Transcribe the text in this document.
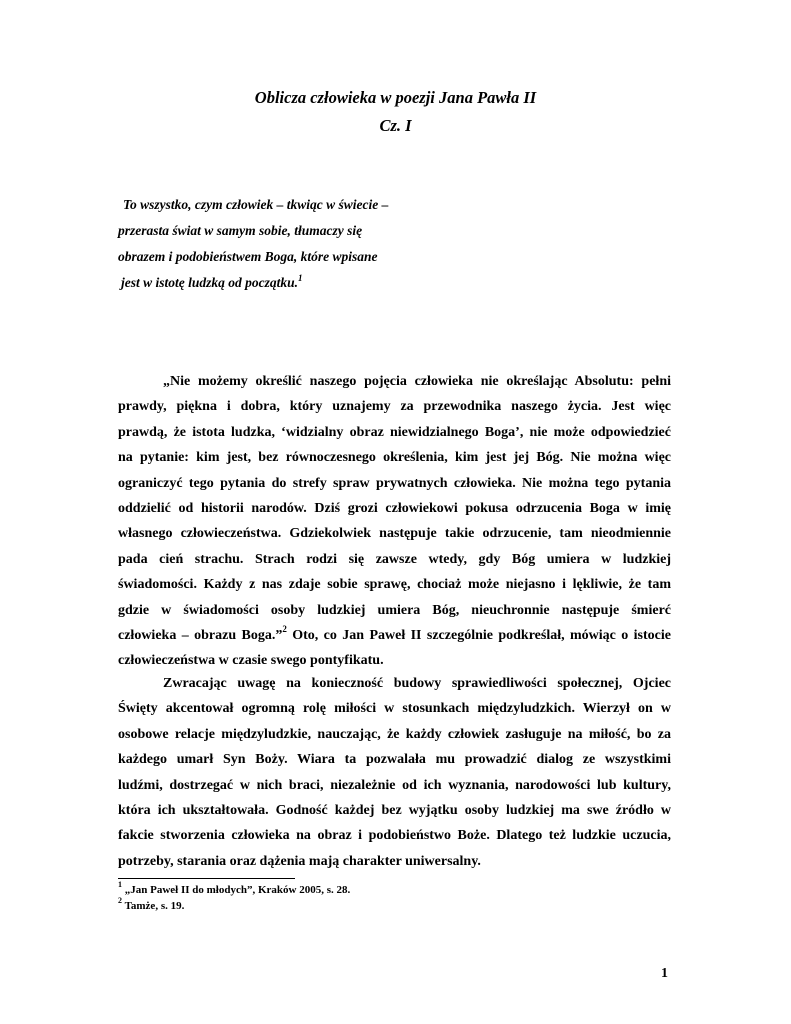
Oblicza człowieka w poezji Jana Pawła II
Cz. I
To wszystko, czym człowiek – tkwiąc w świecie –
przerasta świat w samym sobie, tłumaczy się
obrazem i podobieństwem Boga, które wpisane
jest w istotę ludzką od początku.$^1$
„Nie możemy określić naszego pojęcia człowieka nie określając Absolutu: pełni
prawdy, piękna i dobra, który uznajemy za przewodnika naszego życia. Jest więc
prawdą, że istota ludzka, ‘widzialny obraz niewidzialnego Boga’, nie może odpowiedzieć
na pytanie: kim jest, bez równoczesnego określenia, kim jest jej Bóg. Nie można więc
ograniczyć tego pytania do strefy spraw prywatnych człowieka. Nie można tego pytania
oddzielić od historii narodów. Dziś grozi człowiekowi pokusa odrzucenia Boga w imię
własnego człowieczeństwa. Gdziekolwiek następuje takie odrzucenie, tam nieodmiennie
pada cień strachu. Strach rodzi się zawsze wtedy, gdy Bóg umiera w ludzkiej
świadomości. Każdy z nas zdaje sobie sprawę, chociaż może niejasno i lękliwie, że tam
gdzie w świadomości osoby ludzkiej umiera Bóg, nieuchronnie następuje śmierć
człowieka – obrazu Boga.”$^2$ Oto, co Jan Paweł II szczególnie podkreślał, mówiąc o istocie
człowieczeństwa w czasie swego pontyfikatu.
Zwracając uwagę na konieczność budowy sprawiedliwości społecznej, Ojciec
Święty akcentował ogromną rolę miłości w stosunkach międzyludzkich. Wierzył on w
osobowe relacje międzyludzkie, nauczając, że każdy człowiek zasługuje na miłość, bo za
każdego umarł Syn Boży. Wiara ta pozwalała mu prowadzić dialog ze wszystkimi
ludźmi, dostrzegać w nich braci, niezależnie od ich wyznania, narodowości lub kultury,
która ich ukształtowała. Godność każdej bez wyjątku osoby ludzkiej ma swe źródło w
fakcie stworzenia człowieka na obraz i podobieństwo Boże. Dlatego też ludzkie uczucia,
potrzeby, starania oraz dążenia mają charakter uniwersalny.
$^1$ „Jan Paweł II do młodych”, Kraków 2005, s. 28.
$^2$ Tamże, s. 19.
1
